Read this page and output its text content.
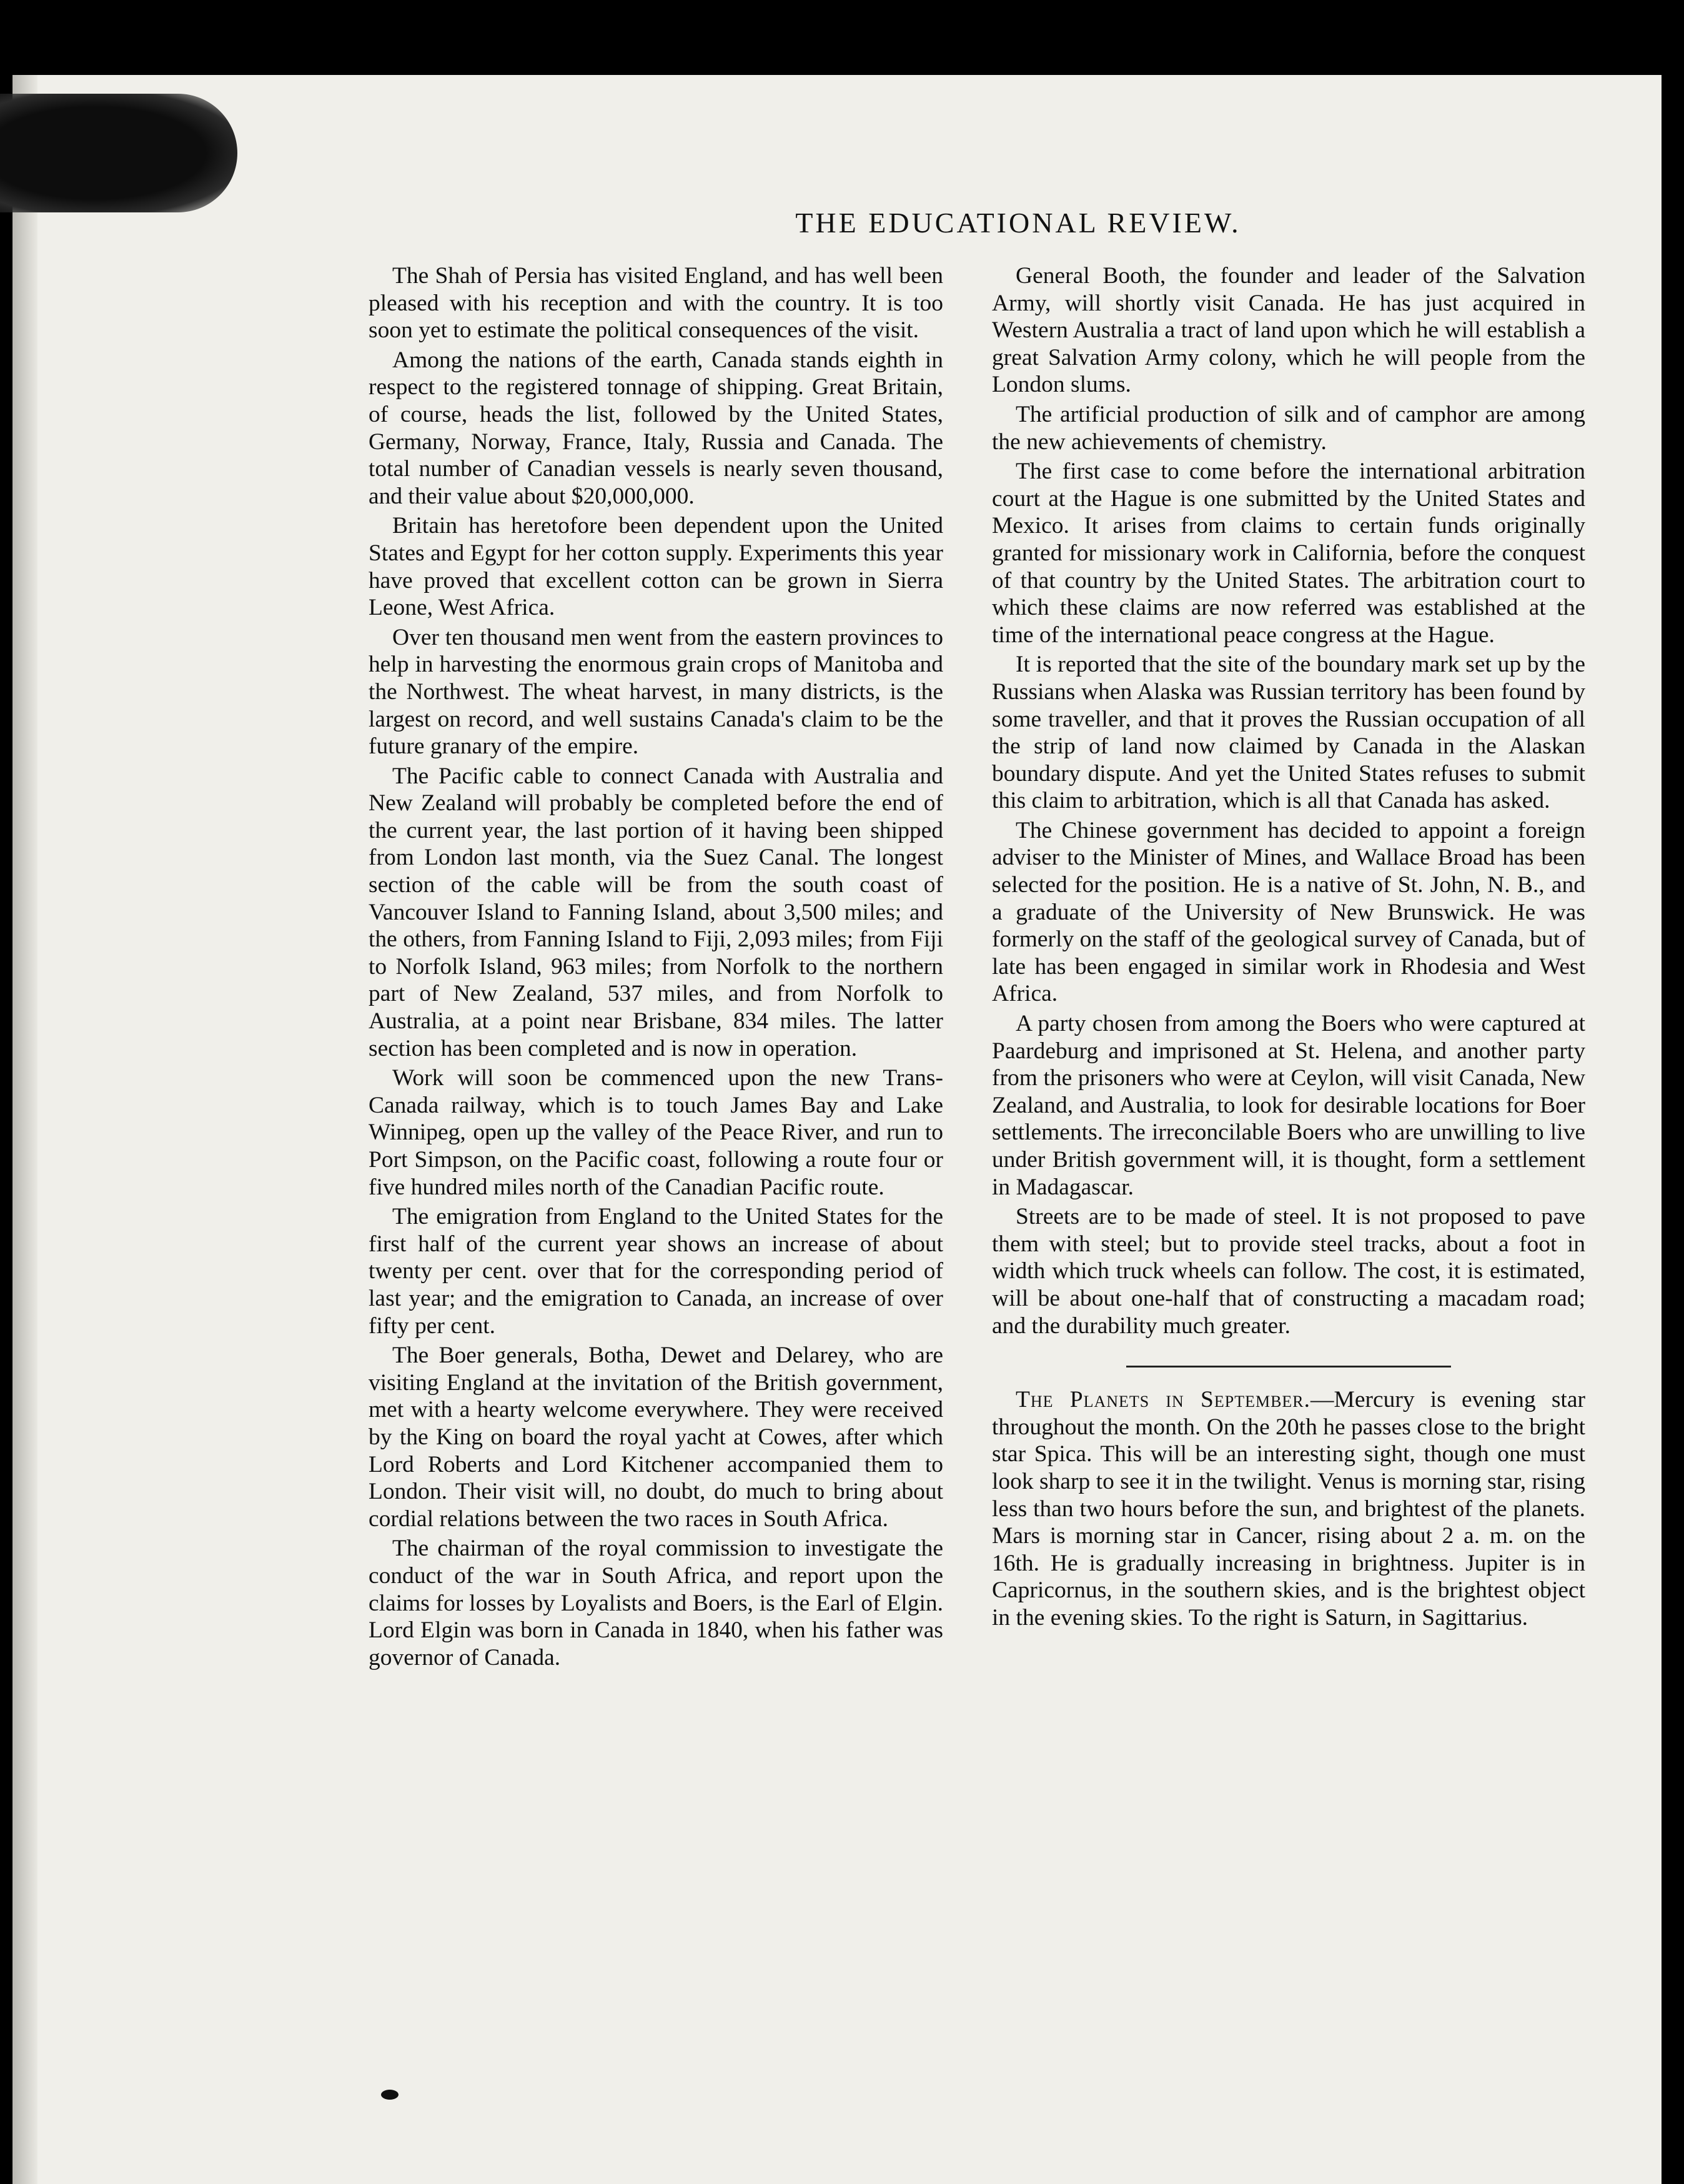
THE EDUCATIONAL REVIEW.

The Shah of Persia has visited England, and has well been pleased with his reception and with the country. It is too soon yet to estimate the political consequences of the visit.

Among the nations of the earth, Canada stands eighth in respect to the registered tonnage of shipping. Great Britain, of course, heads the list, followed by the United States, Germany, Norway, France, Italy, Russia and Canada. The total number of Canadian vessels is nearly seven thousand, and their value about $20,000,000.

Britain has heretofore been dependent upon the United States and Egypt for her cotton supply. Experiments this year have proved that excellent cotton can be grown in Sierra Leone, West Africa.

Over ten thousand men went from the eastern provinces to help in harvesting the enormous grain crops of Manitoba and the Northwest. The wheat harvest, in many districts, is the largest on record, and well sustains Canada's claim to be the future granary of the empire.

The Pacific cable to connect Canada with Australia and New Zealand will probably be completed before the end of the current year, the last portion of it having been shipped from London last month, via the Suez Canal. The longest section of the cable will be from the south coast of Vancouver Island to Fanning Island, about 3,500 miles; and the others, from Fanning Island to Fiji, 2,093 miles; from Fiji to Norfolk Island, 963 miles; from Norfolk to the northern part of New Zealand, 537 miles, and from Norfolk to Australia, at a point near Brisbane, 834 miles. The latter section has been completed and is now in operation.

Work will soon be commenced upon the new Trans-Canada railway, which is to touch James Bay and Lake Winnipeg, open up the valley of the Peace River, and run to Port Simpson, on the Pacific coast, following a route four or five hundred miles north of the Canadian Pacific route.

The emigration from England to the United States for the first half of the current year shows an increase of about twenty per cent. over that for the corresponding period of last year; and the emigration to Canada, an increase of over fifty per cent.

The Boer generals, Botha, Dewet and Delarey, who are visiting England at the invitation of the British government, met with a hearty welcome everywhere. They were received by the King on board the royal yacht at Cowes, after which Lord Roberts and Lord Kitchener accompanied them to London. Their visit will, no doubt, do much to bring about cordial relations between the two races in South Africa.

The chairman of the royal commission to investigate the conduct of the war in South Africa, and report upon the claims for losses by Loyalists and Boers, is the Earl of Elgin. Lord Elgin was born in Canada in 1840, when his father was governor of Canada.

General Booth, the founder and leader of the Salvation Army, will shortly visit Canada. He has just acquired in Western Australia a tract of land upon which he will establish a great Salvation Army colony, which he will people from the London slums.

The artificial production of silk and of camphor are among the new achievements of chemistry.

The first case to come before the international arbitration court at the Hague is one submitted by the United States and Mexico. It arises from claims to certain funds originally granted for missionary work in California, before the conquest of that country by the United States. The arbitration court to which these claims are now referred was established at the time of the international peace congress at the Hague.

It is reported that the site of the boundary mark set up by the Russians when Alaska was Russian territory has been found by some traveller, and that it proves the Russian occupation of all the strip of land now claimed by Canada in the Alaskan boundary dispute. And yet the United States refuses to submit this claim to arbitration, which is all that Canada has asked.

The Chinese government has decided to appoint a foreign adviser to the Minister of Mines, and Wallace Broad has been selected for the position. He is a native of St. John, N. B., and a graduate of the University of New Brunswick. He was formerly on the staff of the geological survey of Canada, but of late has been engaged in similar work in Rhodesia and West Africa.

A party chosen from among the Boers who were captured at Paardeburg and imprisoned at St. Helena, and another party from the prisoners who were at Ceylon, will visit Canada, New Zealand, and Australia, to look for desirable locations for Boer settlements. The irreconcilable Boers who are unwilling to live under British government will, it is thought, form a settlement in Madagascar.

Streets are to be made of steel. It is not proposed to pave them with steel; but to provide steel tracks, about a foot in width which truck wheels can follow. The cost, it is estimated, will be about one-half that of constructing a macadam road; and the durability much greater.

The Planets in September.—Mercury is evening star throughout the month. On the 20th he passes close to the bright star Spica. This will be an interesting sight, though one must look sharp to see it in the twilight. Venus is morning star, rising less than two hours before the sun, and brightest of the planets. Mars is morning star in Cancer, rising about 2 a. m. on the 16th. He is gradually increasing in brightness. Jupiter is in Capricornus, in the southern skies, and is the brightest object in the evening skies. To the right is Saturn, in Sagittarius.
